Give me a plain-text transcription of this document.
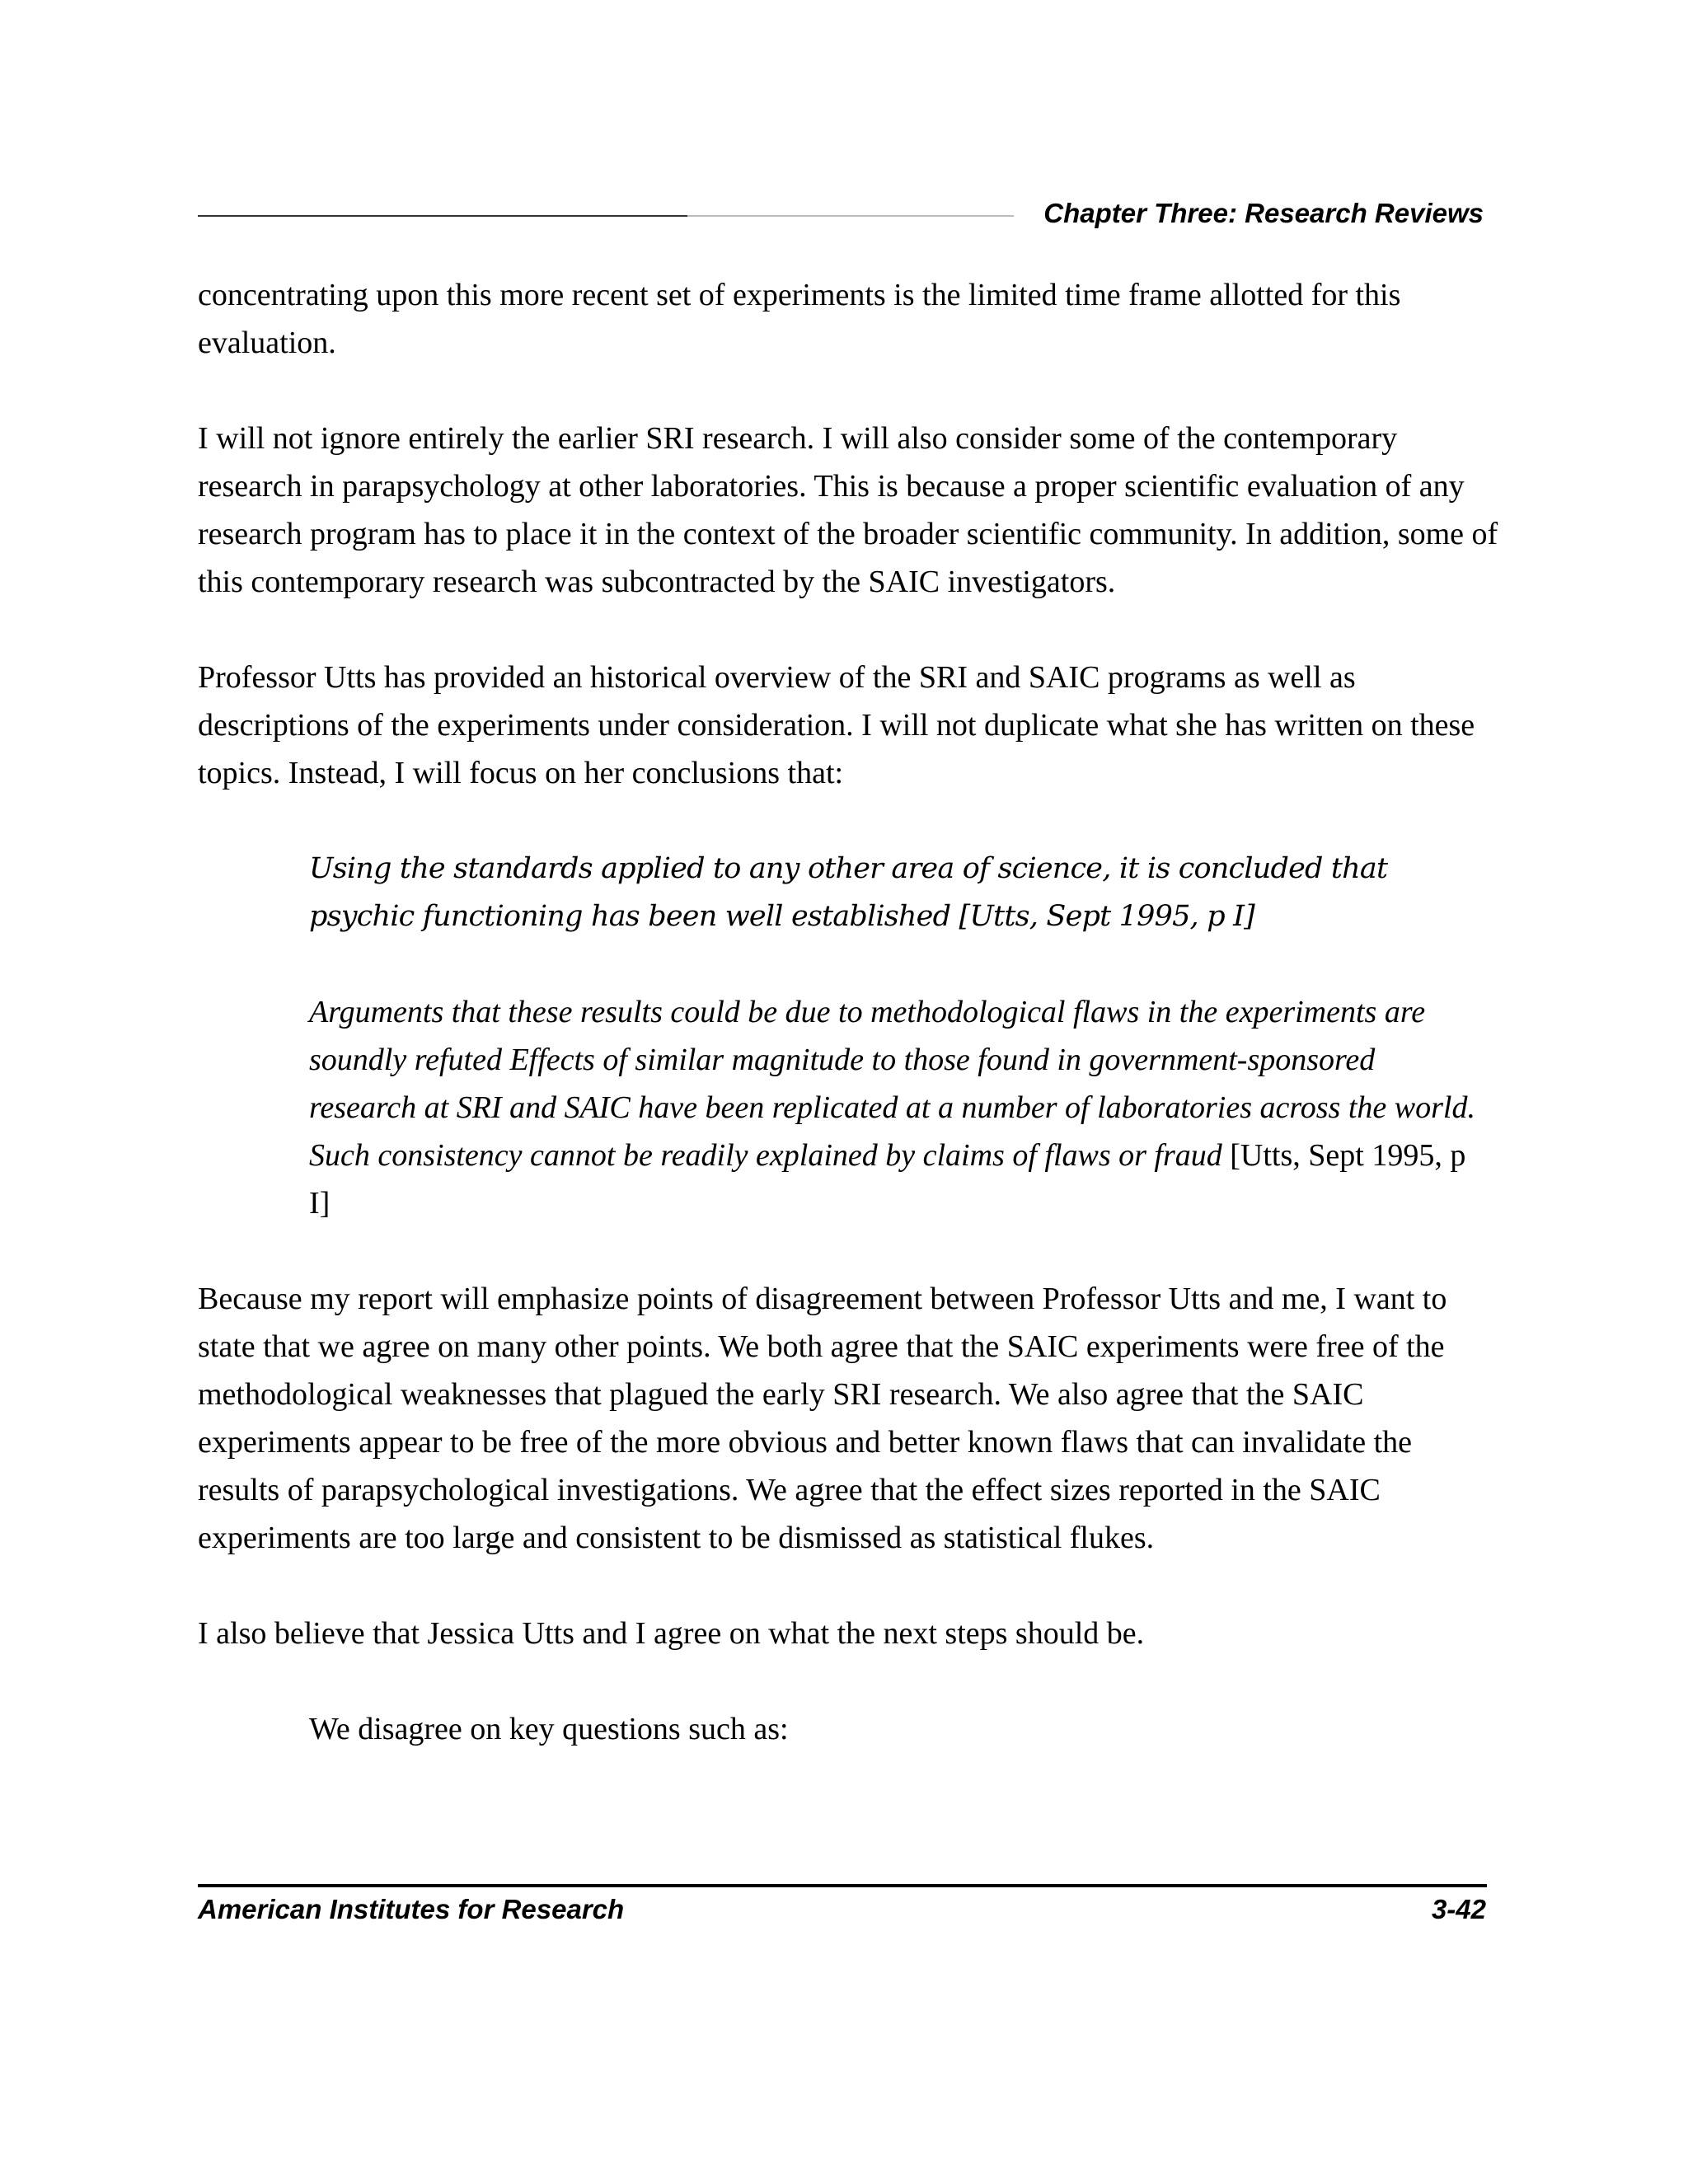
Chapter Three: Research Reviews

concentrating upon this more recent set of experiments is the limited time frame allotted for this evaluation.

I will not ignore entirely the earlier SRI research. I will also consider some of the contemporary research in parapsychology at other laboratories. This is because a proper scientific evaluation of any research program has to place it in the context of the broader scientific community. In addition, some of this contemporary research was subcontracted by the SAIC investigators.

Professor Utts has provided an historical overview of the SRI and SAIC programs as well as descriptions of the experiments under consideration. I will not duplicate what she has written on these topics. Instead, I will focus on her conclusions that:

Using the standards applied to any other area of science, it is concluded that psychic functioning has been well established [Utts, Sept 1995, p I]

Arguments that these results could be due to methodological flaws in the experiments are soundly refuted Effects of similar magnitude to those found in government-sponsored research at SRI and SAIC have been replicated at a number of laboratories across the world. Such consistency cannot be readily explained by claims of flaws or fraud [Utts, Sept 1995, p I]

Because my report will emphasize points of disagreement between Professor Utts and me, I want to state that we agree on many other points. We both agree that the SAIC experiments were free of the methodological weaknesses that plagued the early SRI research. We also agree that the SAIC experiments appear to be free of the more obvious and better known flaws that can invalidate the results of parapsychological investigations. We agree that the effect sizes reported in the SAIC experiments are too large and consistent to be dismissed as statistical flukes.

I also believe that Jessica Utts and I agree on what the next steps should be.

We disagree on key questions such as:

American Institutes for Research	3-42
